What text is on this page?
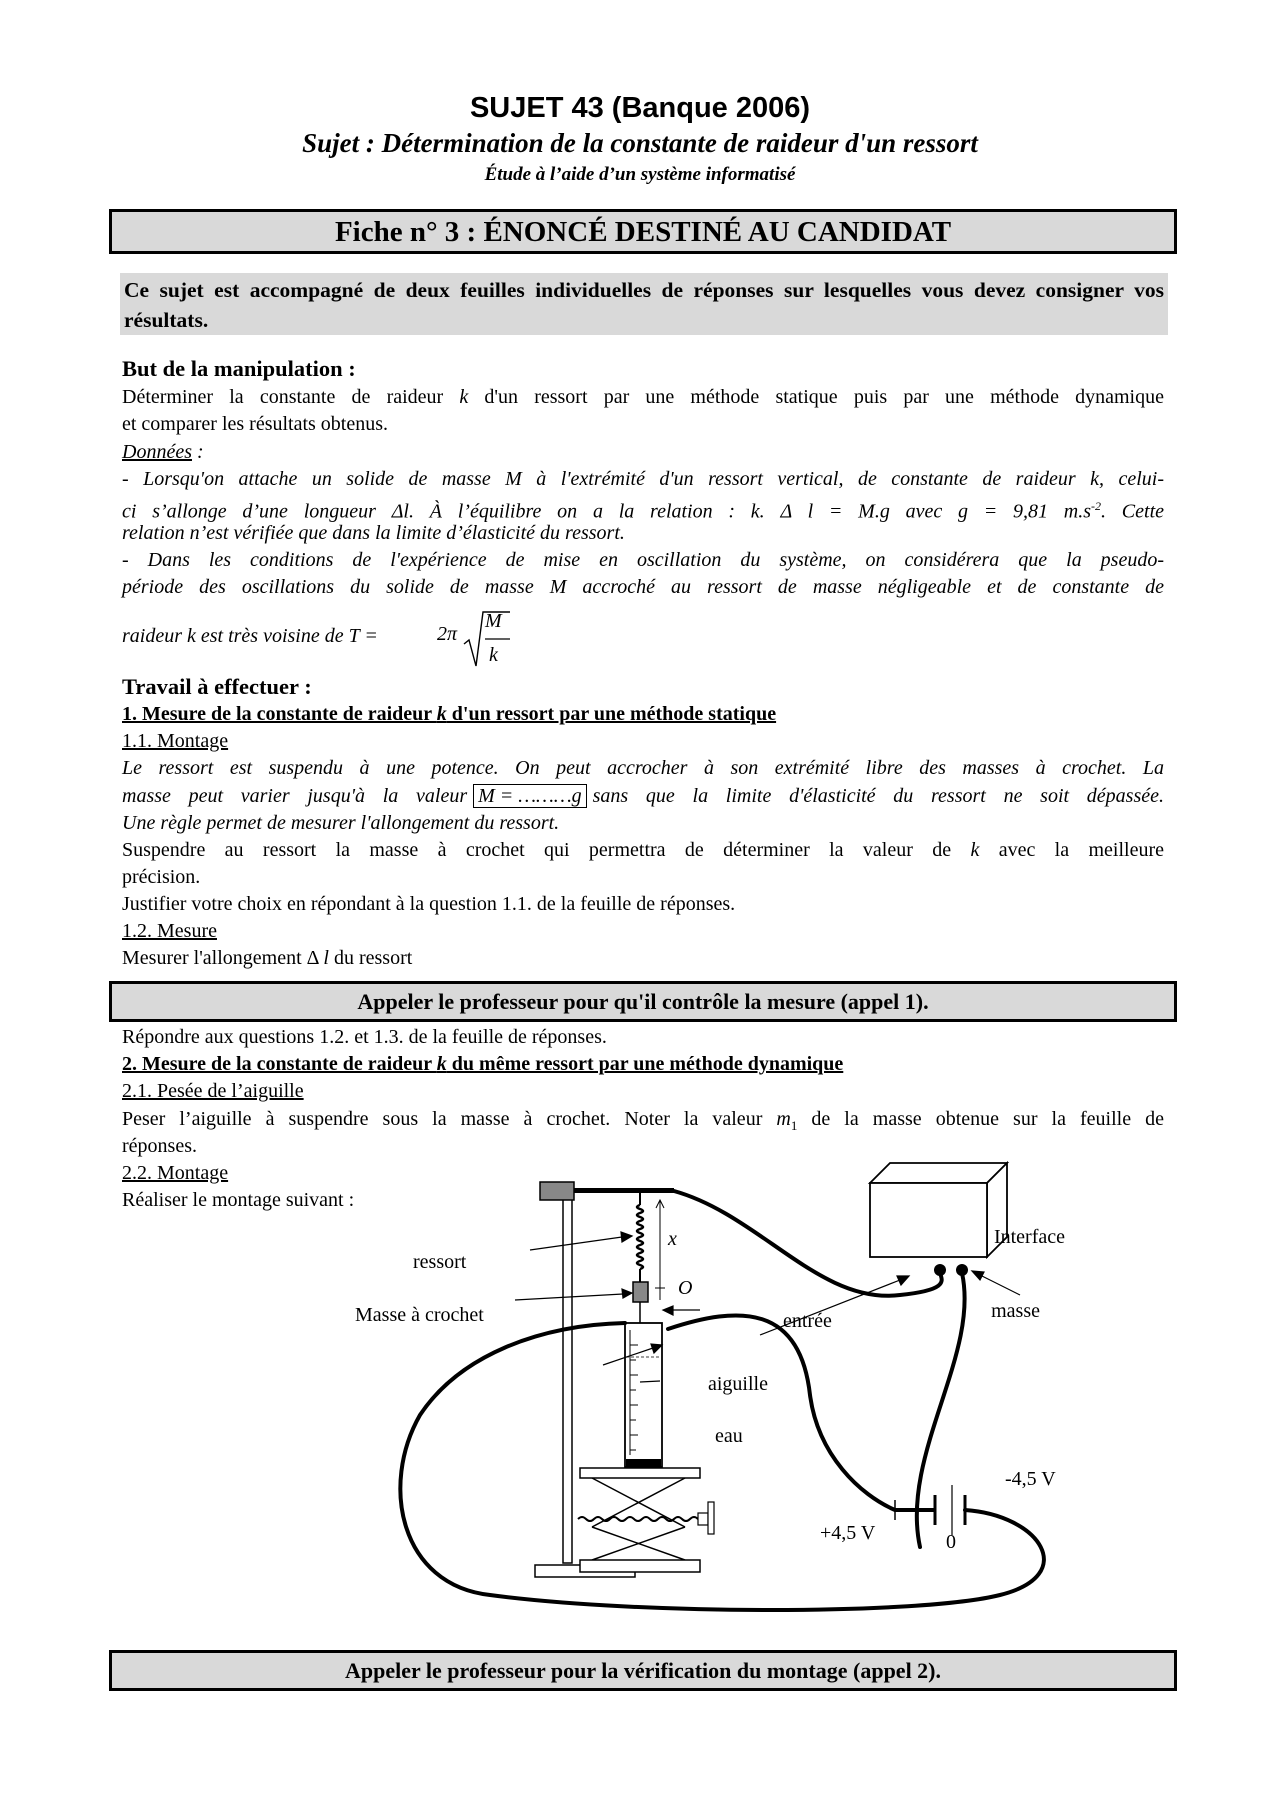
SUJET 43 (Banque 2006)
Sujet : Détermination de la constante de raideur d'un ressort
Étude à l’aide d’un système informatisé
Fiche n° 3 : ÉNONCÉ DESTINÉ AU CANDIDAT
Ce sujet est accompagné de deux feuilles individuelles de réponses sur lesquelles vous devez consigner vos résultats.
But de la manipulation :
Déterminer la constante de raideur k d'un ressort par une méthode statique puis par une méthode dynamique
et comparer les résultats obtenus.
Données :
- Lorsqu'on attache un solide de masse M à l'extrémité d'un ressort vertical, de constante de raideur k, celui-
ci s’allonge d’une longueur Δl. À l’équilibre on a la relation : k. Δ l = M.g avec g = 9,81 $m.s^{-2}$. Cette
relation n’est vérifiée que dans la limite d’élasticité du ressort.
- Dans les conditions de l'expérience de mise en oscillation du système, on considérera que la pseudo-
période des oscillations du solide de masse M accroché au ressort de masse négligeable et de constante de
raideur k est très voisine de T =	2π
M
k
Travail à effectuer :
1. Mesure de la constante de raideur k d'un ressort par une méthode statique
1.1. Montage
Le ressort est suspendu à une potence. On peut accrocher à son extrémité libre des masses à crochet. La
masse peut varier jusqu'à la valeur M = ………g sans que la limite d'élasticité du ressort ne soit dépassée.
Une règle permet de mesurer l'allongement du ressort.
Suspendre au ressort la masse à crochet qui permettra de déterminer la valeur de k avec la meilleure
précision.
Justifier votre choix en répondant à la question 1.1. de la feuille de réponses.
1.2. Mesure
Mesurer l'allongement Δ l du ressort
Appeler le professeur pour qu'il contrôle la mesure (appel 1).
Répondre aux questions 1.2. et 1.3. de la feuille de réponses.
2. Mesure de la constante de raideur k du même ressort par une méthode dynamique
2.1. Pesée de l’aiguille
Peser l’aiguille à suspendre sous la masse à crochet. Noter la valeur $m_1$ de la masse obtenue sur la feuille de
réponses.
2.2. Montage
Réaliser le montage suivant :
ressort
Masse à crochet
x
O
Interface
masse
entrée
aiguille
eau
-4,5 V
+4,5 V	0
Appeler le professeur pour la vérification du montage (appel 2).
